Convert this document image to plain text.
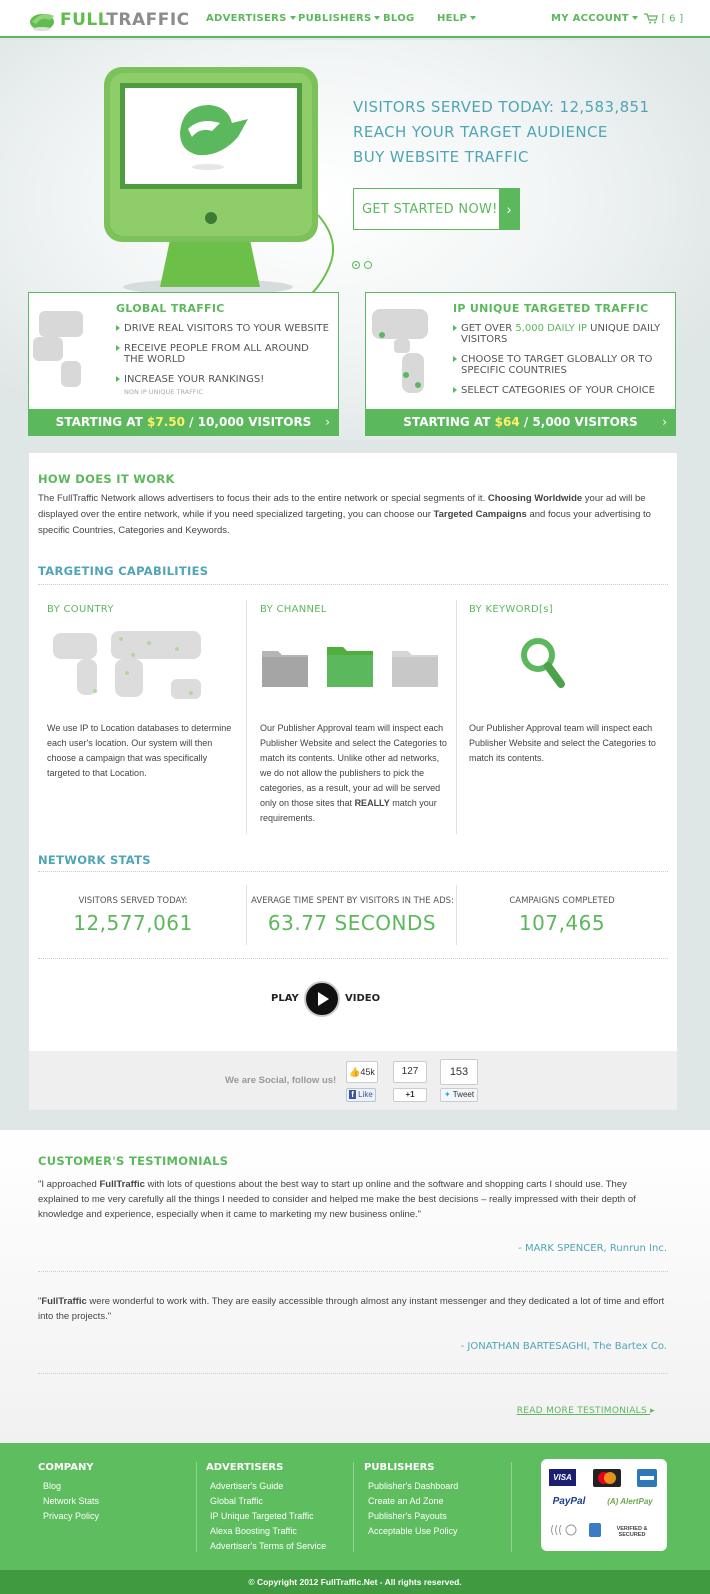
FULLTRAFFIC ADVERTISERS	PUBLISHERS	BLOG HELP	MY ACCOUNT	[ 6 ]
VISITORS SERVED TODAY: 12,583,851
REACH YOUR TARGET AUDIENCE
BUY WEBSITE TRAFFIC
GET STARTED NOW! ›
GLOBAL TRAFFIC
DRIVE REAL VISITORS TO YOUR WEBSITE
RECEIVE PEOPLE FROM ALL AROUND THE WORLD
INCREASE YOUR RANKINGS!
NON IP UNIQUE TRAFFIC
STARTING AT $7.50 / 10,000 VISITORS ›
IP UNIQUE TARGETED TRAFFIC
GET OVER 5,000 DAILY IP UNIQUE DAILY VISITORS
CHOOSE TO TARGET GLOBALLY OR TO SPECIFIC COUNTRIES
SELECT CATEGORIES OF YOUR CHOICE
STARTING AT $64 / 5,000 VISITORS ›
HOW DOES IT WORK
The FullTraffic Network allows advertisers to focus their ads to the entire network or special segments of it. Choosing Worldwide your ad will be displayed over the entire network, while if you need specialized targeting, you can choose our Targeted Campaigns and focus your advertising to specific Countries, Categories and Keywords.
TARGETING CAPABILITIES
BY COUNTRY
We use IP to Location databases to determine each user's location. Our system will then choose a campaign that was specifically targeted to that Location.
BY CHANNEL
Our Publisher Approval team will inspect each Publisher Website and select the Categories to match its contents. Unlike other ad networks, we do not allow the publishers to pick the categories, as a result, your ad will be served only on those sites that REALLY match your requirements.
BY KEYWORD[s]
Our Publisher Approval team will inspect each Publisher Website and select the Categories to match its contents.
NETWORK STATS
VISITORS SERVED TODAY:
12,577,061
AVERAGE TIME SPENT BY VISITORS IN THE ADS:
63.77 SECONDS
CAMPAIGNS COMPLETED
107,465
PLAY	VIDEO
We are Social, follow us!
👍45k
f Like
127
+1
153
✦ Tweet
CUSTOMER'S TESTIMONIALS
"I approached FullTraffic with lots of questions about the best way to start up online and the software and shopping carts I should use. They explained to me very carefully all the things I needed to consider and helped me make the best decisions – really impressed with their depth of knowledge and experience, especially when it came to marketing my new business online."
- MARK SPENCER, Runrun Inc.
"FullTraffic were wonderful to work with. They are easily accessible through almost any instant messenger and they dedicated a lot of time and effort into the projects."
- JONATHAN BARTESAGHI, The Bartex Co.
READ MORE TESTIMONIALS ▸
COMPANY
Blog
Network Stats
Privacy Policy
ADVERTISERS
Advertiser's Guide
Global Traffic
IP Unique Targeted Traffic
Alexa Boosting Traffic
Advertiser's Terms of Service
PUBLISHERS
Publisher's Dashboard
Create an Ad Zone
Publisher's Payouts
Acceptable Use Policy
VISA
PayPal	(A) AlertPay
VERIFIED & SECURED
© Copyright 2012 FullTraffic.Net - All rights reserved.
